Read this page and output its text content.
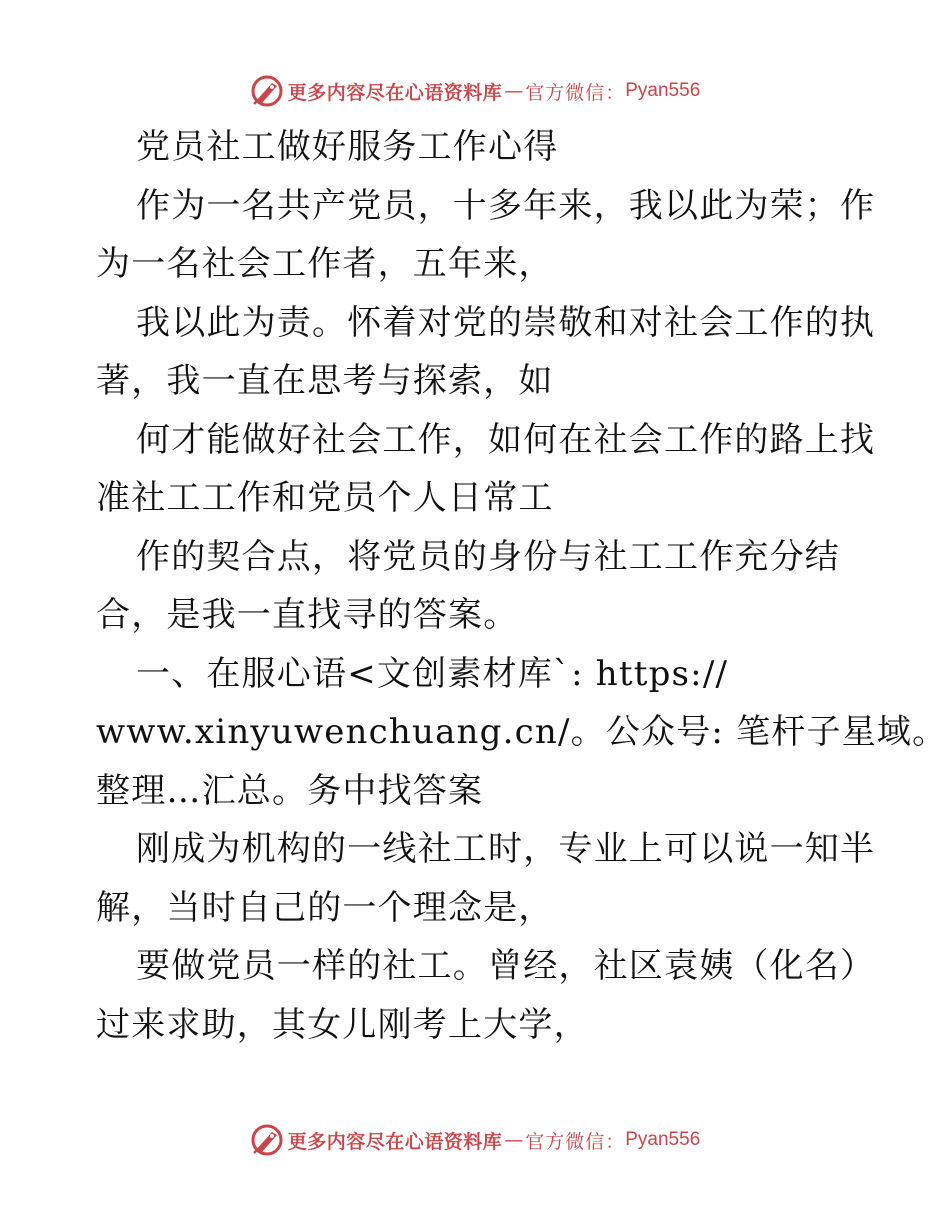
更多内容尽在心语资料库 — 官方微信： Pyan556
党员社工做好服务工作心得
作为一名共产党员，十多年来，我以此为荣；作
为一名社会工作者，五年来，
我以此为责。怀着对党的崇敬和对社会工作的执
著，我一直在思考与探索，如
何才能做好社会工作，如何在社会工作的路上找
准社工工作和党员个人日常工
作的契合点，将党员的身份与社工工作充分结
合，是我一直找寻的答案。
一、在服心语<文创素材库`: https://
www.xinyuwenchuang.cn/。公众号: 笔杆子星域。
整理…汇总。务中找答案
刚成为机构的一线社工时，专业上可以说一知半
解，当时自己的一个理念是，
要做党员一样的社工。曾经，社区袁姨（化名）
过来求助，其女儿刚考上大学，
更多内容尽在心语资料库 — 官方微信： Pyan556
